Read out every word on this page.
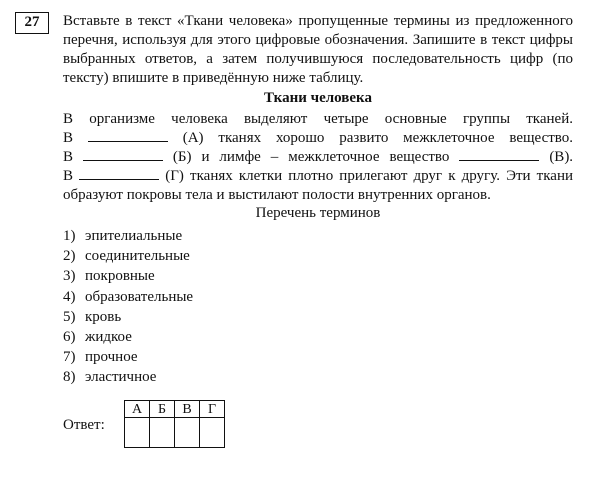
27	Вставьте в текст «Ткани человека» пропущенные термины из предложенного перечня, используя для этого цифровые обозначения. Запишите в текст цифры выбранных ответов, а затем получившуюся последовательность цифр (по тексту) впишите в приведённую ниже таблицу.

Ткани человека

В организме человека выделяют четыре основные группы тканей.

В	(А) тканях хорошо развито межклеточное вещество.

В	(Б) и лимфе – межклеточное вещество	(В).

В	(Г) тканях клетки плотно прилегают друг к другу. Эти ткани

образуют покровы тела и выстилают полости внутренних органов.

Перечень терминов
1) эпителиальные
2) соединительные
3) покровные
4) образовательные
5) кровь
6) жидкое
7) прочное
8) эластичное
Ответ:
А	Б	В	Г
